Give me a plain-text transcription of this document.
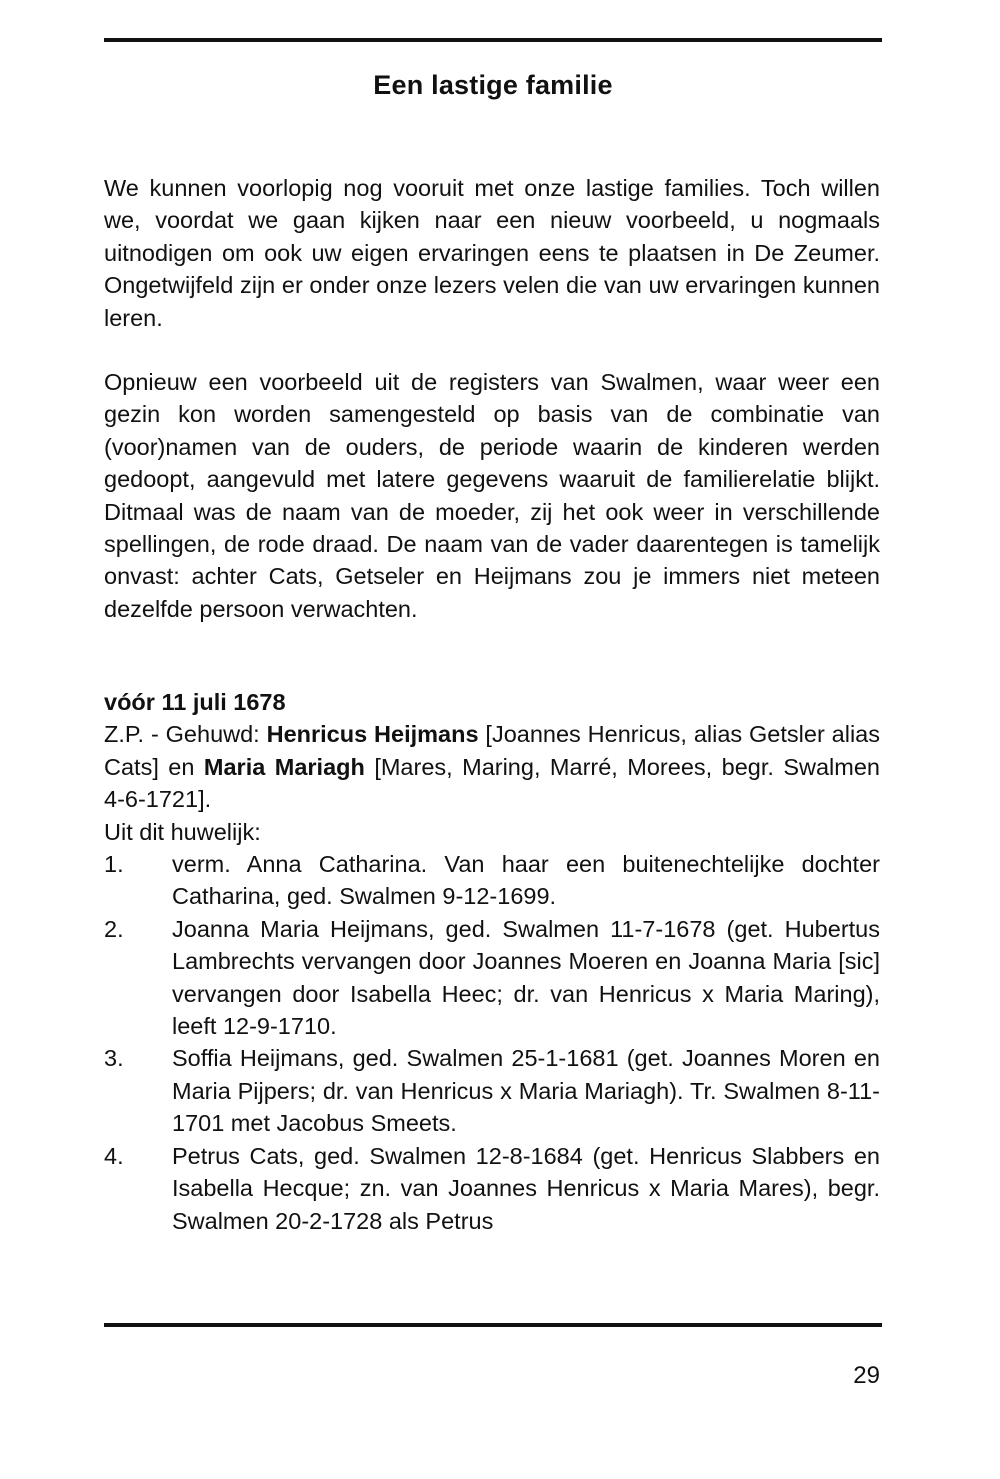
Een lastige familie

We kunnen voorlopig nog vooruit met onze lastige families. Toch willen we, voordat we gaan kijken naar een nieuw voorbeeld, u nogmaals uitnodigen om ook uw eigen ervaringen eens te plaatsen in De Zeumer. Ongetwijfeld zijn er onder onze lezers velen die van uw ervaringen kunnen leren.

Opnieuw een voorbeeld uit de registers van Swalmen, waar weer een gezin kon worden samengesteld op basis van de combinatie van (voor)namen van de ouders, de periode waarin de kinderen werden gedoopt, aangevuld met latere gegevens waaruit de familierelatie blijkt. Ditmaal was de naam van de moeder, zij het ook weer in verschillende spellingen, de rode draad. De naam van de vader daarentegen is tamelijk onvast: achter Cats, Getseler en Heijmans zou je immers niet meteen dezelfde persoon verwachten.

vóór 11 juli 1678
Z.P. - Gehuwd: Henricus Heijmans [Joannes Henricus, alias Getsler alias Cats] en Maria Mariagh [Mares, Maring, Marré, Morees, begr. Swalmen 4-6-1721].
Uit dit huwelijk:
1.	verm. Anna Catharina. Van haar een buitenechtelijke dochter Catharina, ged. Swalmen 9-12-1699.
2.	Joanna Maria Heijmans, ged. Swalmen 11-7-1678 (get. Hubertus Lambrechts vervangen door Joannes Moeren en Joanna Maria [sic] vervangen door Isabella Heec; dr. van Henricus x Maria Maring), leeft 12-9-1710.
3.	Soffia Heijmans, ged. Swalmen 25-1-1681 (get. Joannes Moren en Maria Pijpers; dr. van Henricus x Maria Mariagh). Tr. Swalmen 8-11-1701 met Jacobus Smeets.
4.	Petrus Cats, ged. Swalmen 12-8-1684 (get. Henricus Slabbers en Isabella Hecque; zn. van Joannes Henricus x Maria Mares), begr. Swalmen 20-2-1728 als Petrus
29
